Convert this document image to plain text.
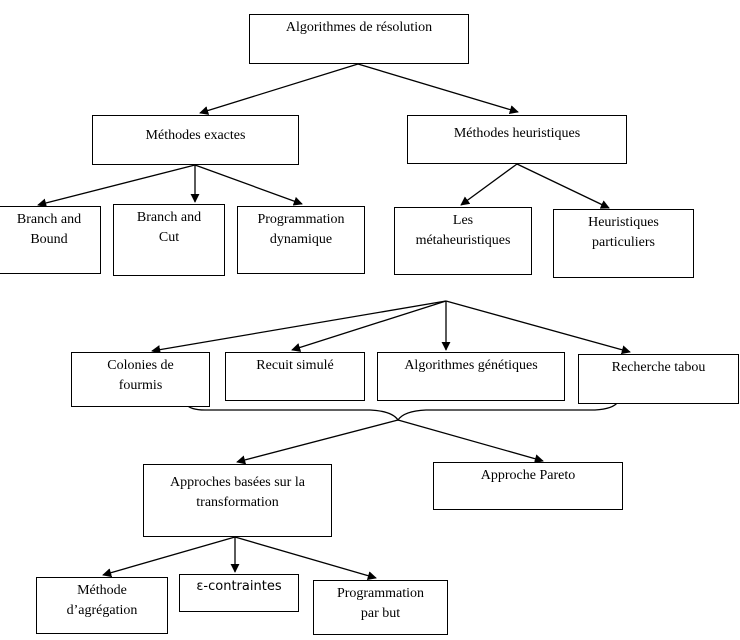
Algorithmes de résolution
Méthodes exactes	Méthodes heuristiques
Branch and
Bound
Branch and
Cut
Programmation
dynamique
Les
métaheuristiques
Heuristiques
particuliers
Colonies de
fourmis
Recuit simulé	Algorithmes génétiques	Recherche tabou
Approches basées sur la
transformation
Approche Pareto
Méthode
d’agrégation
ε-contraintes	Programmation
par but
